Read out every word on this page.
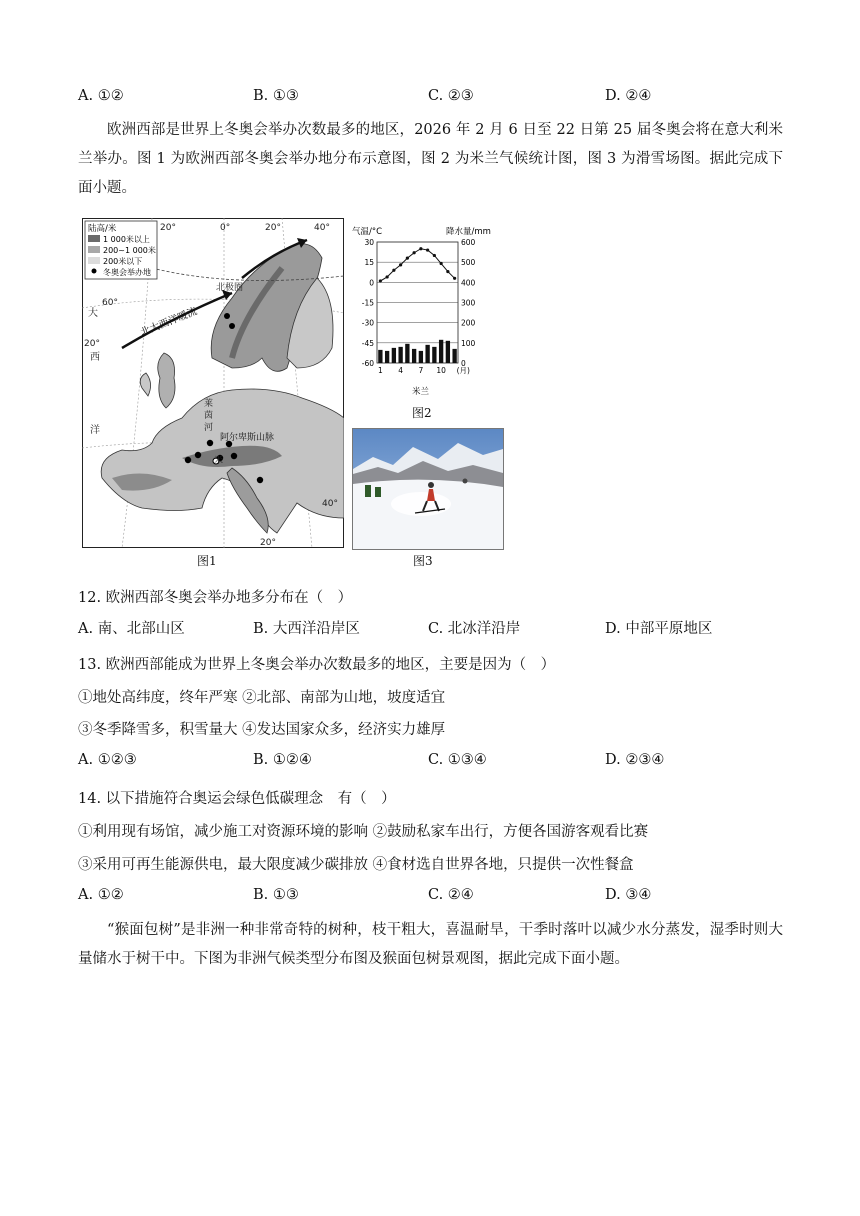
A. ①②	B. ①③	C. ②③	D. ②④
欧洲西部是世界上冬奥会举办次数最多的地区，2026 年 2 月 6 日至 22 日第 25 届冬奥会将在意大利米兰举办。图 1 为欧洲西部冬奥会举办地分布示意图，图 2 为米兰气候统计图，图 3 为滑雪场图。据此完成下面小题。
陆高/米
1 000米以上
200~1 000米
200米以下
冬奥会举办地
20°	0°	20°	40°
20°
60°
40°
20°
大
西
洋
北大西洋暖流
北极圈
莱
茵
河
米
阿尔卑斯山脉
图1
气温/°C	降水量/mm
30
15
0
-15
-30
-45
-60
600
500
400
300
200
100
0
1 4 7 10 (月)
米兰
图2
图3
12. 欧洲西部冬奥会举办地多分布在（　）
A. 南、北部山区	B. 大西洋沿岸区	C. 北冰洋沿岸	D. 中部平原地区
13. 欧洲西部能成为世界上冬奥会举办次数最多的地区，主要是因为（　）
①地处高纬度，终年严寒 ②北部、南部为山地，坡度适宜
③冬季降雪多，积雪量大 ④发达国家众多，经济实力雄厚
A. ①②③	B. ①②④	C. ①③④	D. ②③④
14. 以下措施符合奥运会绿色低碳理念　有（　）
①利用现有场馆，减少施工对资源环境的影响 ②鼓励私家车出行，方便各国游客观看比赛
③采用可再生能源供电，最大限度减少碳排放 ④食材选自世界各地，只提供一次性餐盒
A. ①②	B. ①③	C. ②④	D. ③④
“猴面包树”是非洲一种非常奇特的树种，枝干粗大，喜温耐旱，干季时落叶以减少水分蒸发，湿季时则大量储水于树干中。下图为非洲气候类型分布图及猴面包树景观图，据此完成下面小题。
